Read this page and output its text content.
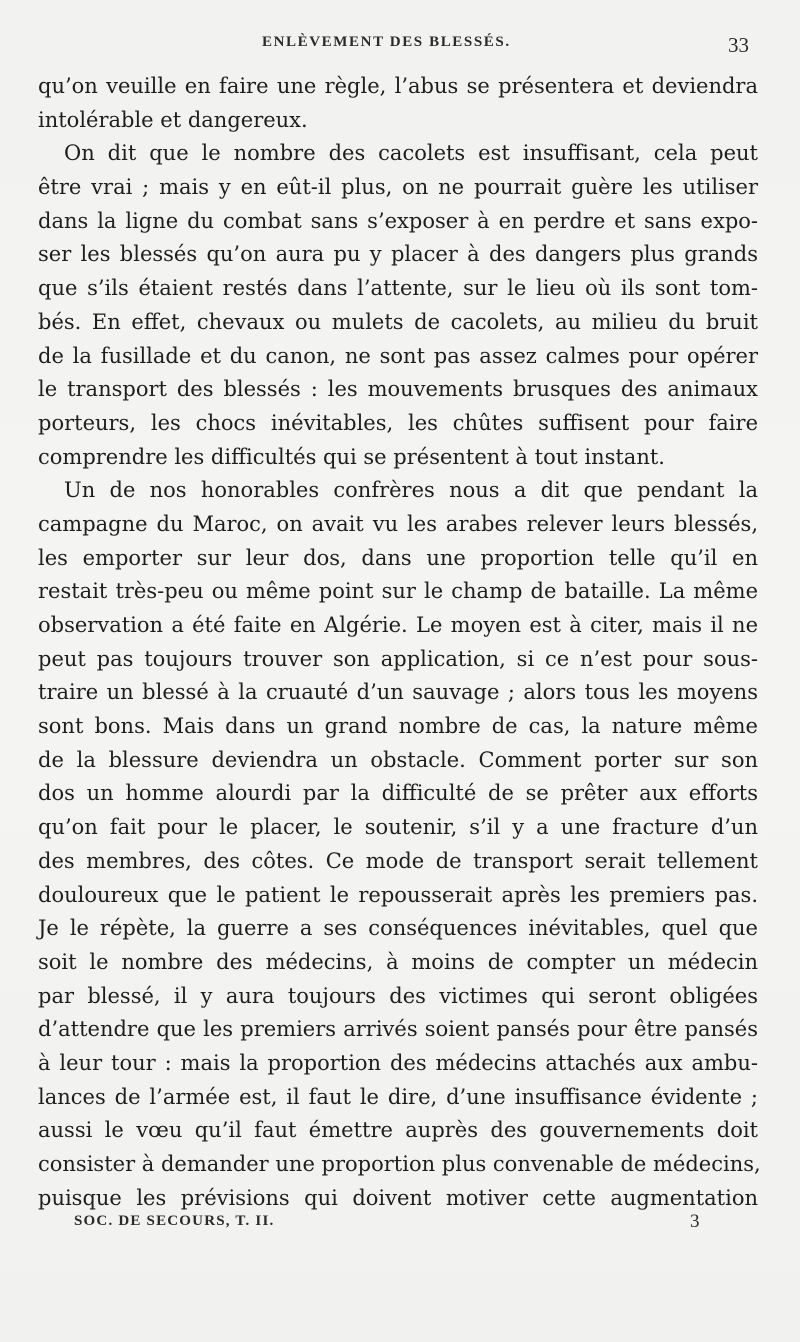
ENLÈVEMENT DES BLESSÉS.	33
qu’on veuille en faire une règle, l’abus se présentera et deviendra
intolérable et dangereux.
On dit que le nombre des cacolets est insuffisant, cela peut
être vrai ; mais y en eût-il plus, on ne pourrait guère les utiliser
dans la ligne du combat sans s’exposer à en perdre et sans expo-
ser les blessés qu’on aura pu y placer à des dangers plus grands
que s’ils étaient restés dans l’attente, sur le lieu où ils sont tom-
bés. En effet, chevaux ou mulets de cacolets, au milieu du bruit
de la fusillade et du canon, ne sont pas assez calmes pour opérer
le transport des blessés : les mouvements brusques des animaux
porteurs, les chocs inévitables, les chûtes suffisent pour faire
comprendre les difficultés qui se présentent à tout instant.
Un de nos honorables confrères nous a dit que pendant la
campagne du Maroc, on avait vu les arabes relever leurs blessés,
les emporter sur leur dos, dans une proportion telle qu’il en
restait très-peu ou même point sur le champ de bataille. La même
observation a été faite en Algérie. Le moyen est à citer, mais il ne
peut pas toujours trouver son application, si ce n’est pour sous-
traire un blessé à la cruauté d’un sauvage ; alors tous les moyens
sont bons. Mais dans un grand nombre de cas, la nature même
de la blessure deviendra un obstacle. Comment porter sur son
dos un homme alourdi par la difficulté de se prêter aux efforts
qu’on fait pour le placer, le soutenir, s’il y a une fracture d’un
des membres, des côtes. Ce mode de transport serait tellement
douloureux que le patient le repousserait après les premiers pas.
Je le répète, la guerre a ses conséquences inévitables, quel que
soit le nombre des médecins, à moins de compter un médecin
par blessé, il y aura toujours des victimes qui seront obligées
d’attendre que les premiers arrivés soient pansés pour être pansés
à leur tour : mais la proportion des médecins attachés aux ambu-
lances de l’armée est, il faut le dire, d’une insuffisance évidente ;
aussi le vœu qu’il faut émettre auprès des gouvernements doit
consister à demander une proportion plus convenable de médecins,
puisque les prévisions qui doivent motiver cette augmentation
SOC. DE SECOURS, T. II.	3
